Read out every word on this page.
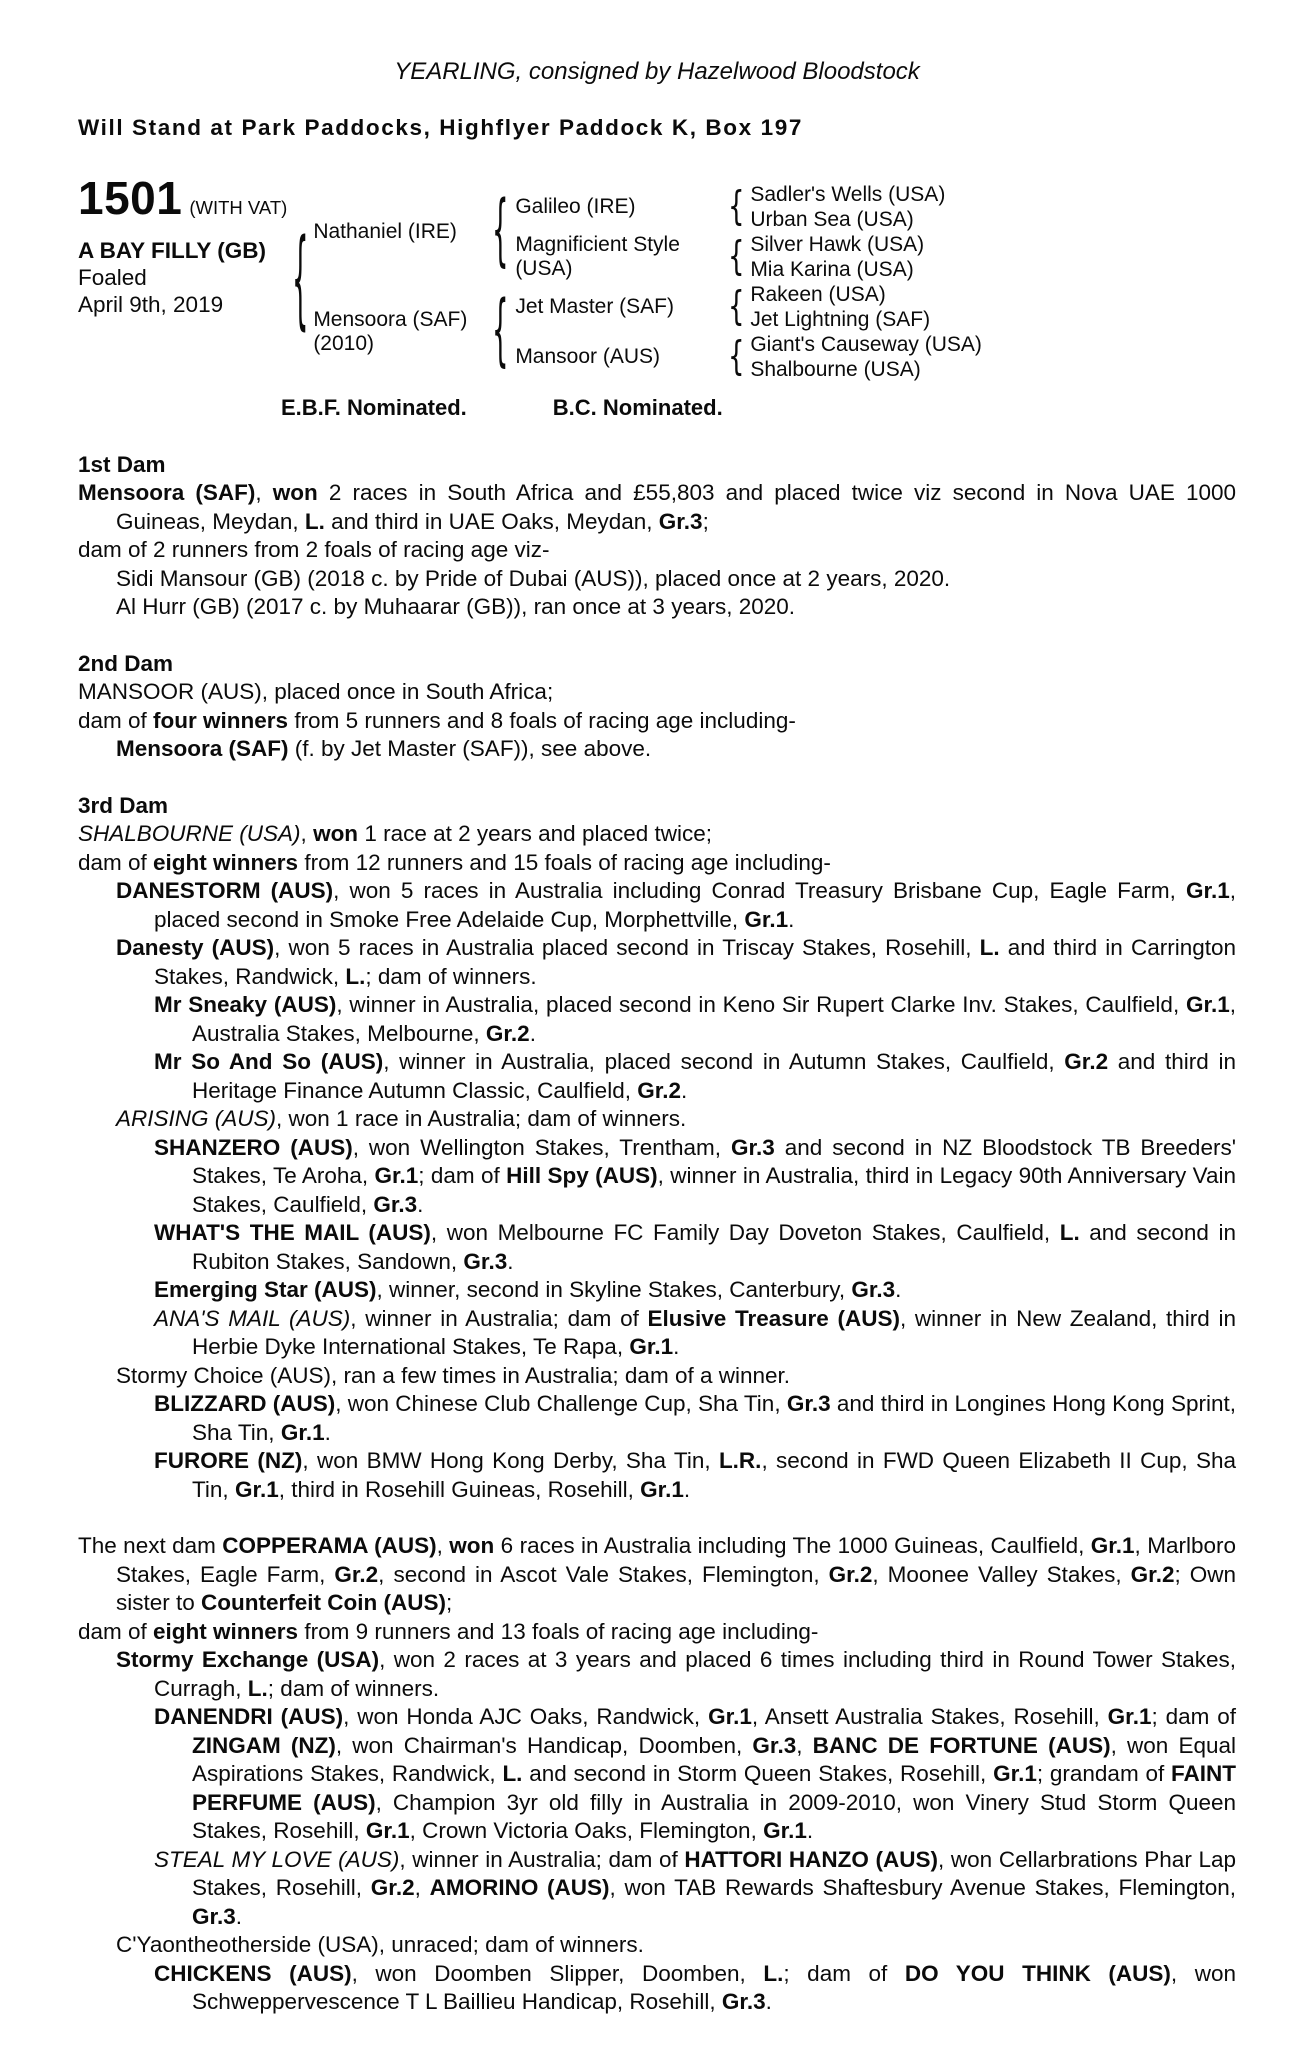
YEARLING, consigned by Hazelwood Bloodstock
Will Stand at Park Paddocks, Highflyer Paddock K, Box 197
1501 (WITH VAT)
A BAY FILLY (GB)
Foaled
April 9th, 2019	{ Nathaniel (IRE)
Mensoora (SAF) (2010)
{
{
Galileo (IRE)
Magnificient Style (USA)
Jet Master (SAF)
Mansoor (AUS)
{
{
{
{
Sadler's Wells (USA)
Urban Sea (USA)
Silver Hawk (USA)
Mia Karina (USA)
Rakeen (USA)
Jet Lightning (SAF)
Giant's Causeway (USA)
Shalbourne (USA)
E.B.F. Nominated.	B.C. Nominated.
1st Dam

Mensoora (SAF), won 2 races in South Africa and £55,803 and placed twice viz second in Nova UAE 1000 Guineas, Meydan, L. and third in UAE Oaks, Meydan, Gr.3;

dam of 2 runners from 2 foals of racing age viz-

Sidi Mansour (GB) (2018 c. by Pride of Dubai (AUS)), placed once at 2 years, 2020.

Al Hurr (GB) (2017 c. by Muhaarar (GB)), ran once at 3 years, 2020.

2nd Dam

MANSOOR (AUS), placed once in South Africa;

dam of four winners from 5 runners and 8 foals of racing age including-

Mensoora (SAF) (f. by Jet Master (SAF)), see above.

3rd Dam

SHALBOURNE (USA), won 1 race at 2 years and placed twice;

dam of eight winners from 12 runners and 15 foals of racing age including-

DANESTORM (AUS), won 5 races in Australia including Conrad Treasury Brisbane Cup, Eagle Farm, Gr.1, placed second in Smoke Free Adelaide Cup, Morphettville, Gr.1.

Danesty (AUS), won 5 races in Australia placed second in Triscay Stakes, Rosehill, L. and third in Carrington Stakes, Randwick, L.; dam of winners.

Mr Sneaky (AUS), winner in Australia, placed second in Keno Sir Rupert Clarke Inv. Stakes, Caulfield, Gr.1, Australia Stakes, Melbourne, Gr.2.

Mr So And So (AUS), winner in Australia, placed second in Autumn Stakes, Caulfield, Gr.2 and third in Heritage Finance Autumn Classic, Caulfield, Gr.2.

ARISING (AUS), won 1 race in Australia; dam of winners.

SHANZERO (AUS), won Wellington Stakes, Trentham, Gr.3 and second in NZ Bloodstock TB Breeders' Stakes, Te Aroha, Gr.1; dam of Hill Spy (AUS), winner in Australia, third in Legacy 90th Anniversary Vain Stakes, Caulfield, Gr.3.

WHAT'S THE MAIL (AUS), won Melbourne FC Family Day Doveton Stakes, Caulfield, L. and second in Rubiton Stakes, Sandown, Gr.3.

Emerging Star (AUS), winner, second in Skyline Stakes, Canterbury, Gr.3.

ANA'S MAIL (AUS), winner in Australia; dam of Elusive Treasure (AUS), winner in New Zealand, third in Herbie Dyke International Stakes, Te Rapa, Gr.1.

Stormy Choice (AUS), ran a few times in Australia; dam of a winner.

BLIZZARD (AUS), won Chinese Club Challenge Cup, Sha Tin, Gr.3 and third in Longines Hong Kong Sprint, Sha Tin, Gr.1.

FURORE (NZ), won BMW Hong Kong Derby, Sha Tin, L.R., second in FWD Queen Elizabeth II Cup, Sha Tin, Gr.1, third in Rosehill Guineas, Rosehill, Gr.1.

The next dam COPPERAMA (AUS), won 6 races in Australia including The 1000 Guineas, Caulfield, Gr.1, Marlboro Stakes, Eagle Farm, Gr.2, second in Ascot Vale Stakes, Flemington, Gr.2, Moonee Valley Stakes, Gr.2; Own sister to Counterfeit Coin (AUS);

dam of eight winners from 9 runners and 13 foals of racing age including-

Stormy Exchange (USA), won 2 races at 3 years and placed 6 times including third in Round Tower Stakes, Curragh, L.; dam of winners.

DANENDRI (AUS), won Honda AJC Oaks, Randwick, Gr.1, Ansett Australia Stakes, Rosehill, Gr.1; dam of ZINGAM (NZ), won Chairman's Handicap, Doomben, Gr.3, BANC DE FORTUNE (AUS), won Equal Aspirations Stakes, Randwick, L. and second in Storm Queen Stakes, Rosehill, Gr.1; grandam of FAINT PERFUME (AUS), Champion 3yr old filly in Australia in 2009-2010, won Vinery Stud Storm Queen Stakes, Rosehill, Gr.1, Crown Victoria Oaks, Flemington, Gr.1.

STEAL MY LOVE (AUS), winner in Australia; dam of HATTORI HANZO (AUS), won Cellarbrations Phar Lap Stakes, Rosehill, Gr.2, AMORINO (AUS), won TAB Rewards Shaftesbury Avenue Stakes, Flemington, Gr.3.

C'Yaontheotherside (USA), unraced; dam of winners.

CHICKENS (AUS), won Doomben Slipper, Doomben, L.; dam of DO YOU THINK (AUS), won Schweppervescence T L Baillieu Handicap, Rosehill, Gr.3.
